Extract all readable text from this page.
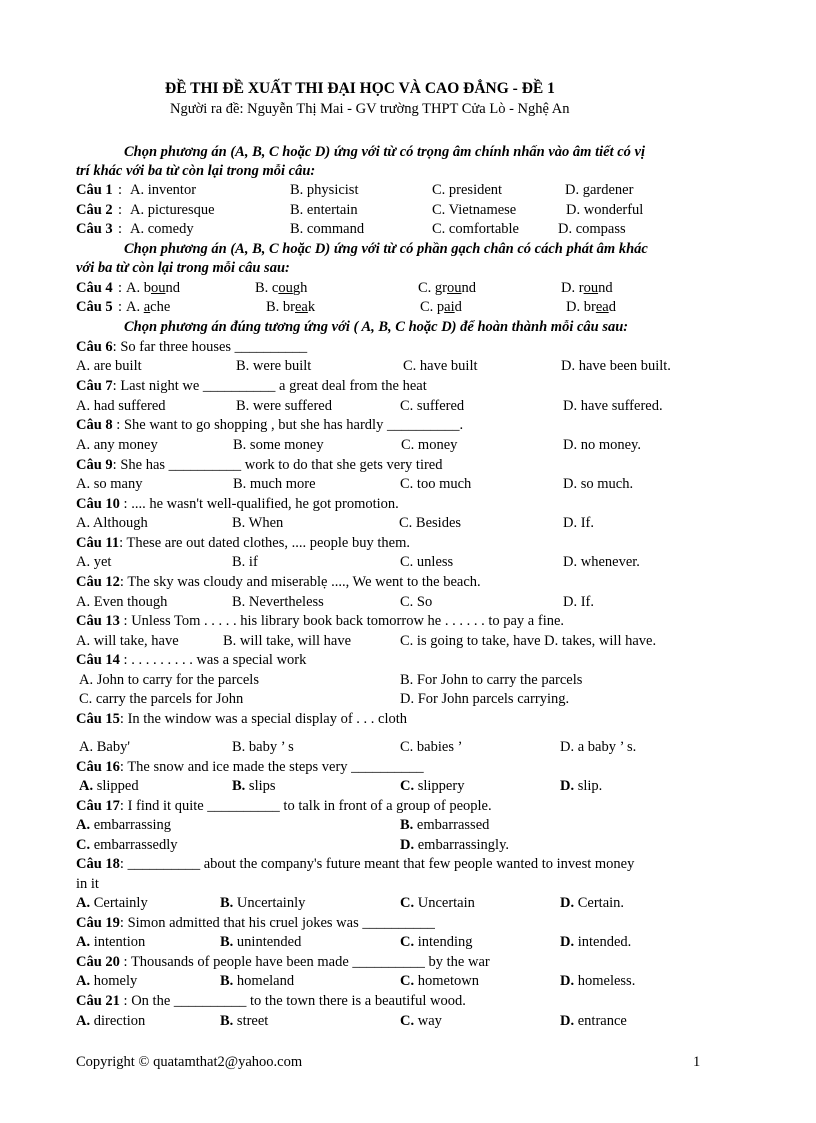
ĐỀ THI ĐỀ XUẤT THI ĐẠI HỌC VÀ CAO ĐẲNG - ĐỀ 1
Người ra đề: Nguyễn Thị Mai - GV trường THPT Cửa Lò - Nghệ An
Chọn phương án (A, B, C hoặc D) ứng với từ có trọng âm chính nhấn vào âm tiết có vị
trí khác với ba từ còn lại trong mỗi câu:
Câu 1 : A. inventor	B. physicist	C. president	D. gardener
Câu 2 : A. picturesque	B. entertain	C. Vietnamese	D. wonderful
Câu 3 : A. comedy	B. command	C. comfortable	D. compass
Chọn phương án (A, B, C hoặc D) ứng với từ có phần gạch chân có cách phát âm khác
với ba từ còn lại trong mỗi câu sau:
Câu 4 : A. bound	B. cough	C. ground	D. round
Câu 5 : A. ache	B. break	C. paid	D. bread
Chọn phương án đúng tương ứng với ( A, B, C hoặc D) để hoàn thành mỗi câu sau:
Câu 6: So far three houses __________
A. are built	B. were built	C. have built	D. have been built.
Câu 7: Last night we __________ a great deal from the heat
A. had suffered	B. were suffered	C. suffered	D. have suffered.
Câu 8 : She want to go shopping , but she has hardly __________.
A. any money	B. some money	C. money	D. no money.
Câu 9: She has __________ work to do that she gets very tired
A. so many	B. much more	C. too much	D. so much.
Câu 10 : .... he wasn't well-qualified, he got promotion.
A. Although	B. When	C. Besides	D. If.
Câu 11: These are out dated clothes, .... people buy them.
A. yet	B. if	C. unless	D. whenever.
Câu 12: The sky was cloudy and miserablẹ ...., We went to the beach.
A. Even though	B. Nevertheless	C. So	D. If.
Câu 13 : Unless Tom . . . . . his library book back tomorrow he . . . . . . to pay a fine.
A. will take, have	B. will take, will have	C. is going to take, have D. takes, will have.
Câu 14 : . . . . . . . . . was a special work
A. John to carry for the parcels	B. For John to carry the parcels
C. carry the parcels for John	D. For John parcels carrying.
Câu 15: In the window was a special display of . . . cloth
A. Baby'	B. baby ’ s	C. babies ’	D. a baby ’ s.
Câu 16: The snow and ice made the steps very __________
A. slipped	B. slips	C. slippery	D. slip.
Câu 17: I find it quite __________ to talk in front of a group of people.
A. embarrassing	B. embarrassed
C. embarrassedly	D. embarrassingly.
Câu 18: __________ about the company's future meant that few people wanted to invest money
in it
A. Certainly	B. Uncertainly	C. Uncertain	D. Certain.
Câu 19: Simon admitted that his cruel jokes was __________
A. intention	B. unintended	C. intending	D. intended.
Câu 20 : Thousands of people have been made __________ by the war
A. homely	B. homeland	C. hometown	D. homeless.
Câu 21 : On the __________ to the town there is a beautiful wood.
A. direction	B. street	C. way	D. entrance
Copyright © quatamthat2@yahoo.com	1
